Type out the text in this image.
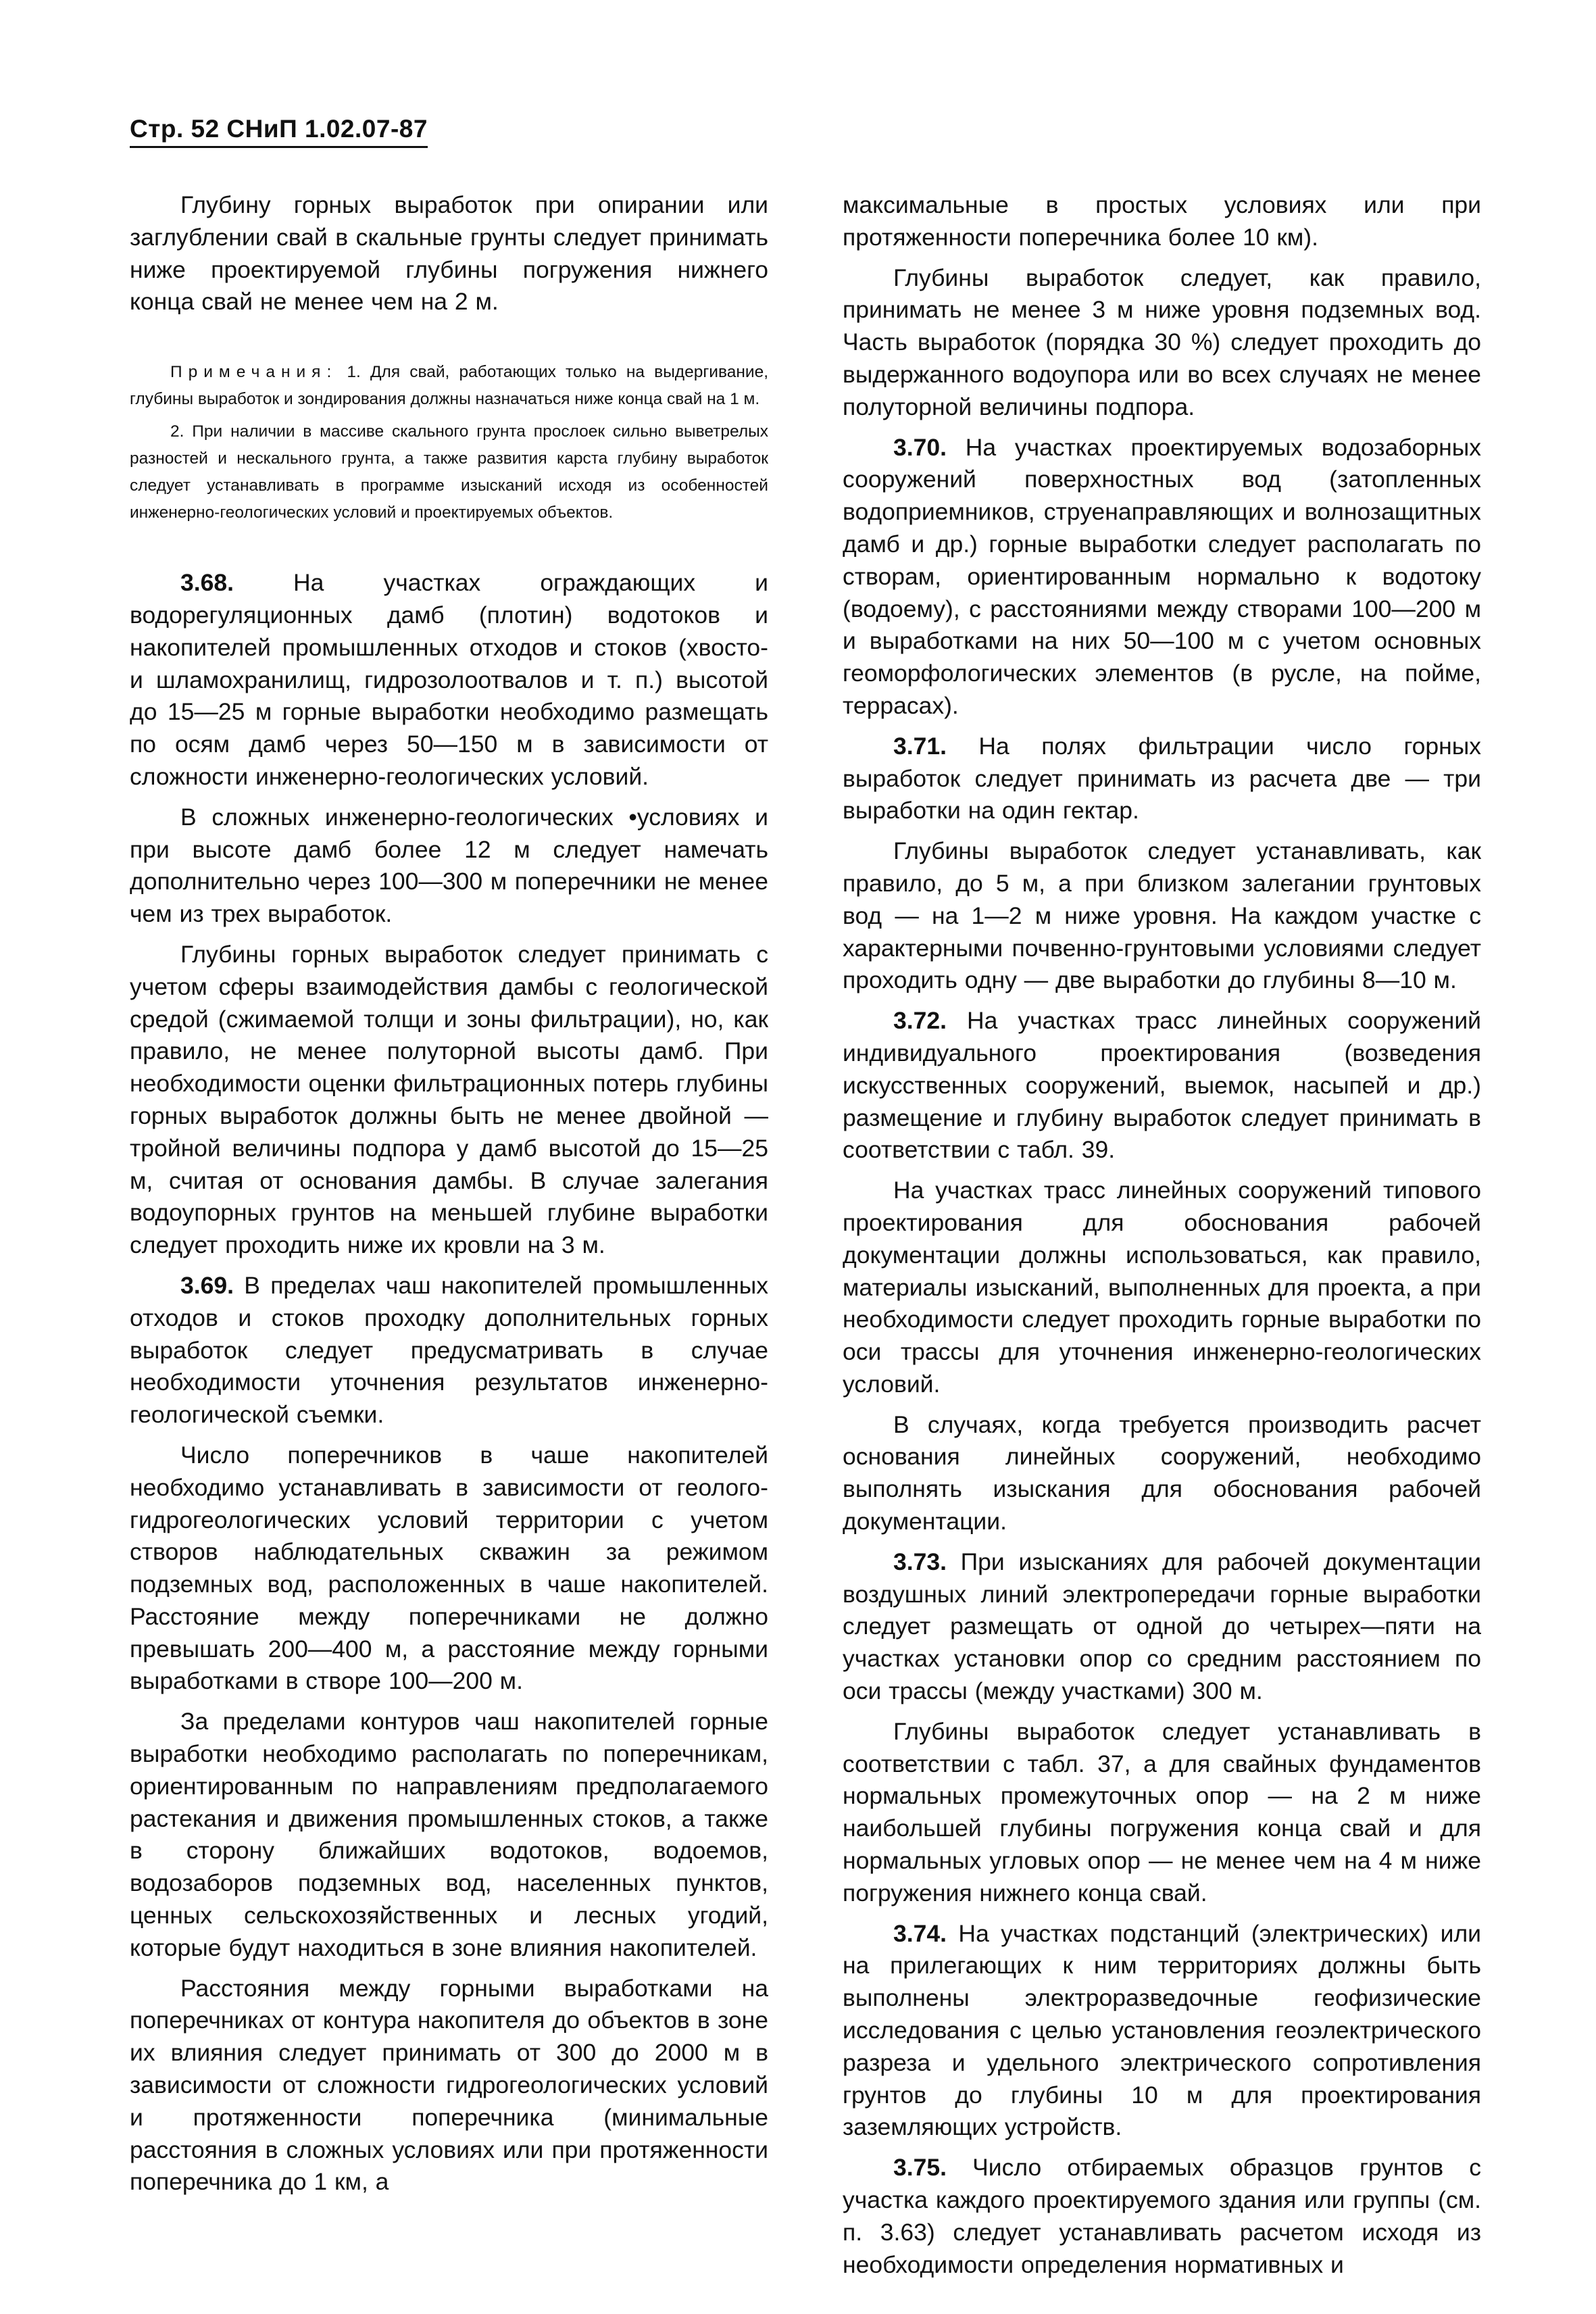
Стр. 52 СНиП 1.02.07-87

Глубину горных выработок при опирании или заглублении свай в скальные грунты следует принимать ниже проектируемой глубины погружения нижнего конца свай не менее чем на 2 м.

Примечания: 1. Для свай, работающих только на выдергивание, глубины выработок и зондирования должны назначаться ниже конца свай на 1 м.

2. При наличии в массиве скального грунта прослоек сильно выветрелых разностей и нескального грунта, а также развития карста глубину выработок следует устанавливать в программе изысканий исходя из особенностей инженерно-геологических условий и проектируемых объектов.

3.68. На участках ограждающих и водорегуляционных дамб (плотин) водотоков и накопителей промышленных отходов и стоков (хвосто- и шламохранилищ, гидрозолоотвалов и т. п.) высотой до 15—25 м горные выработки необходимо размещать по осям дамб через 50—150 м в зависимости от сложности инженерно-геологических условий.

В сложных инженерно-геологических •условиях и при высоте дамб более 12 м следует намечать дополнительно через 100—300 м поперечники не менее чем из трех выработок.

Глубины горных выработок следует принимать с учетом сферы взаимодействия дамбы с геологической средой (сжимаемой толщи и зоны фильтрации), но, как правило, не менее полуторной высоты дамб. При необходимости оценки фильтрационных потерь глубины горных выработок должны быть не менее двойной — тройной величины подпора у дамб высотой до 15—25 м, считая от основания дамбы. В случае залегания водоупорных грунтов на меньшей глубине выработки следует проходить ниже их кровли на 3 м.

3.69. В пределах чаш накопителей промышленных отходов и стоков проходку дополнительных горных выработок следует предусматривать в случае необходимости уточнения результатов инженерно-геологической съемки.

Число поперечников в чаше накопителей необходимо устанавливать в зависимости от геолого-гидрогеологических условий территории с учетом створов наблюдательных скважин за режимом подземных вод, расположенных в чаше накопителей. Расстояние между поперечниками не должно превышать 200—400 м, а расстояние между горными выработками в створе 100—200 м.

За пределами контуров чаш накопителей горные выработки необходимо располагать по поперечникам, ориентированным по направлениям предполагаемого растекания и движения промышленных стоков, а также в сторону ближайших водотоков, водоемов, водозаборов подземных вод, населенных пунктов, ценных сельскохозяйственных и лесных угодий, которые будут находиться в зоне влияния накопителей.

Расстояния между горными выработками на поперечниках от контура накопителя до объектов в зоне их влияния следует принимать от 300 до 2000 м в зависимости от сложности гидрогеологических условий и протяженности поперечника (минимальные расстояния в сложных условиях или при протяженности поперечника до 1 км, а

максимальные в простых условиях или при протяженности поперечника более 10 км).

Глубины выработок следует, как правило, принимать не менее 3 м ниже уровня подземных вод. Часть выработок (порядка 30 %) следует проходить до выдержанного водоупора или во всех случаях не менее полуторной величины подпора.

3.70. На участках проектируемых водозаборных сооружений поверхностных вод (затопленных водоприемников, струенаправляющих и волнозащитных дамб и др.) горные выработки следует располагать по створам, ориентированным нормально к водотоку (водоему), с расстояниями между створами 100—200 м и выработками на них 50—100 м с учетом основных геоморфологических элементов (в русле, на пойме, террасах).

3.71. На полях фильтрации число горных выработок следует принимать из расчета две — три выработки на один гектар.

Глубины выработок следует устанавливать, как правило, до 5 м, а при близком залегании грунтовых вод — на 1—2 м ниже уровня. На каждом участке с характерными почвенно-грунтовыми условиями следует проходить одну — две выработки до глубины 8—10 м.

3.72. На участках трасс линейных сооружений индивидуального проектирования (возведения искусственных сооружений, выемок, насыпей и др.) размещение и глубину выработок следует принимать в соответствии с табл. 39.

На участках трасс линейных сооружений типового проектирования для обоснования рабочей документации должны использоваться, как правило, материалы изысканий, выполненных для проекта, а при необходимости следует проходить горные выработки по оси трассы для уточнения инженерно-геологических условий.

В случаях, когда требуется производить расчет основания линейных сооружений, необходимо выполнять изыскания для обоснования рабочей документации.

3.73. При изысканиях для рабочей документации воздушных линий электропередачи горные выработки следует размещать от одной до четырех—пяти на участках установки опор со средним расстоянием по оси трассы (между участками) 300 м.

Глубины выработок следует устанавливать в соответствии с табл. 37, а для свайных фундаментов нормальных промежуточных опор — на 2 м ниже наибольшей глубины погружения конца свай и для нормальных угловых опор — не менее чем на 4 м ниже погружения нижнего конца свай.

3.74. На участках подстанций (электрических) или на прилегающих к ним территориях должны быть выполнены электроразведочные геофизические исследования с целью установления геоэлектрического разреза и удельного электрического сопротивления грунтов до глубины 10 м для проектирования заземляющих устройств.

3.75. Число отбираемых образцов грунтов с участка каждого проектируемого здания или группы (см. п. 3.63) следует устанавливать расчетом исходя из необходимости определения нормативных и
